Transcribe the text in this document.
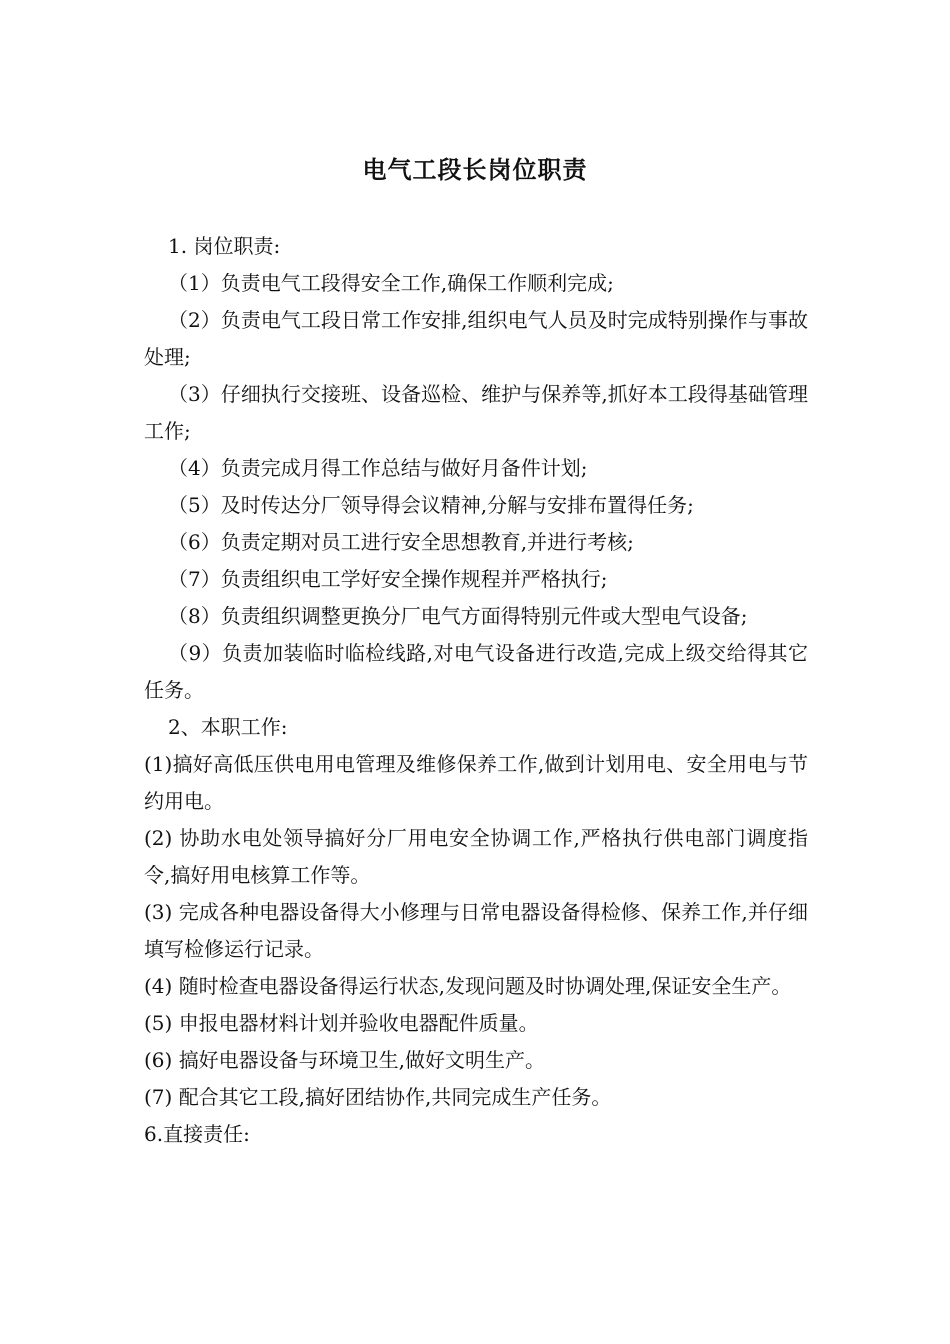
电气工段长岗位职责

1. 岗位职责:

（1）负责电气工段得安全工作,确保工作顺利完成;

（2）负责电气工段日常工作安排,组织电气人员及时完成特别操作与事故处理;

（3）仔细执行交接班、设备巡检、维护与保养等,抓好本工段得基础管理工作;

（4）负责完成月得工作总结与做好月备件计划;

（5）及时传达分厂领导得会议精神,分解与安排布置得任务;

（6）负责定期对员工进行安全思想教育,并进行考核;

（7）负责组织电工学好安全操作规程并严格执行;

（8）负责组织调整更换分厂电气方面得特别元件或大型电气设备;

（9）负责加装临时临检线路,对电气设备进行改造,完成上级交给得其它任务。

2、本职工作:

(1)搞好高低压供电用电管理及维修保养工作,做到计划用电、安全用电与节约用电。

(2) 协助水电处领导搞好分厂用电安全协调工作,严格执行供电部门调度指令,搞好用电核算工作等。

(3) 完成各种电器设备得大小修理与日常电器设备得检修、保养工作,并仔细填写检修运行记录。

(4) 随时检查电器设备得运行状态,发现问题及时协调处理,保证安全生产。

(5) 申报电器材料计划并验收电器配件质量。

(6) 搞好电器设备与环境卫生,做好文明生产。

(7) 配合其它工段,搞好团结协作,共同完成生产任务。

6.直接责任:
